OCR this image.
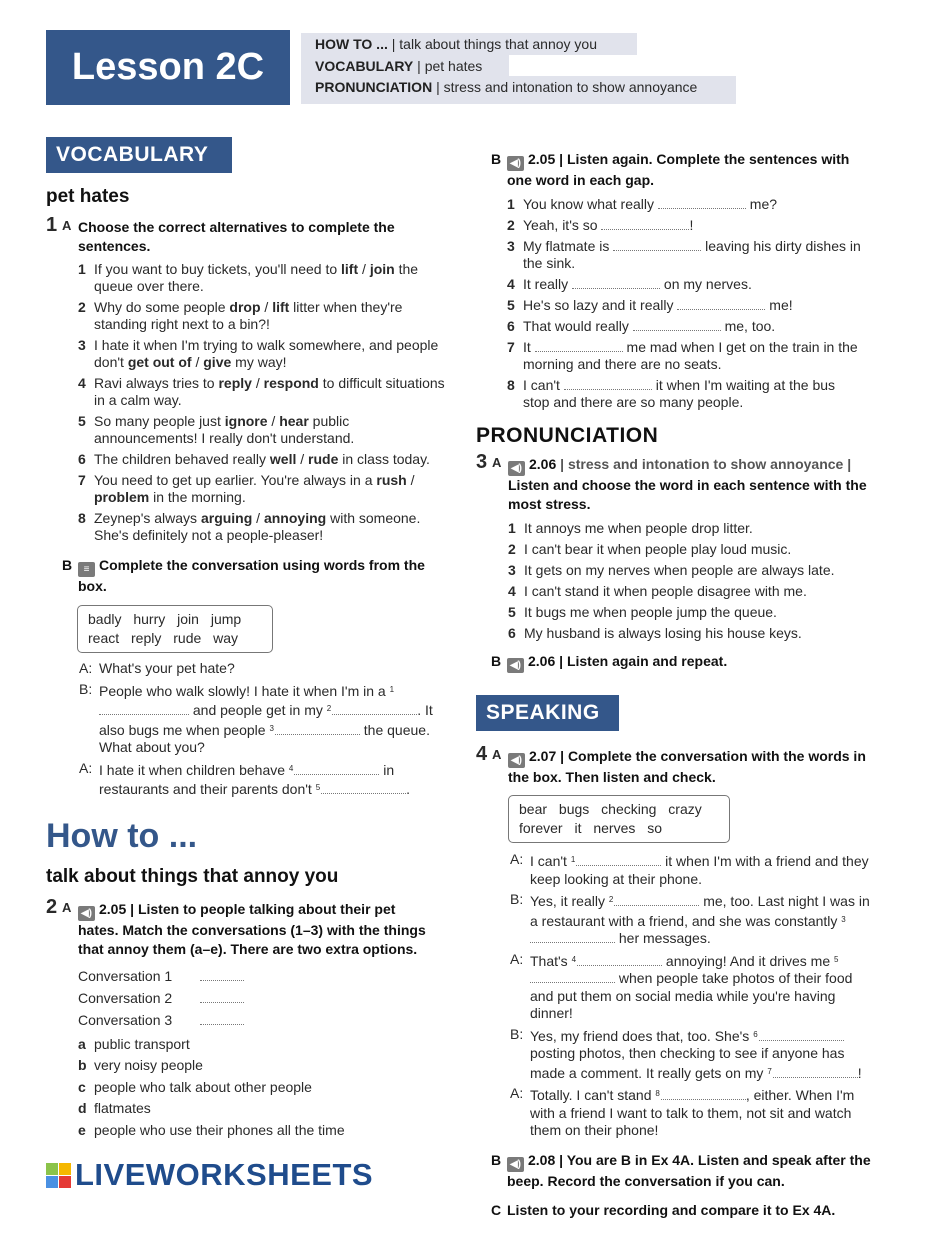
Lesson 2C
HOW TO ... | talk about things that annoy you
VOCABULARY | pet hates
PRONUNCIATION | stress and intonation to show annoyance
VOCABULARY
pet hates
1 A Choose the correct alternatives to complete the sentences.
1 If you want to buy tickets, you'll need to lift / join the queue over there.
2 Why do some people drop / lift litter when they're standing right next to a bin?!
3 I hate it when I'm trying to walk somewhere, and people don't get out of / give my way!
4 Ravi always tries to reply / respond to difficult situations in a calm way.
5 So many people just ignore / hear public announcements! I really don't understand.
6 The children behaved really well / rude in class today.
7 You need to get up earlier. You're always in a rush / problem in the morning.
8 Zeynep's always arguing / annoying with someone. She's definitely not a people-pleaser!
B ≡ Complete the conversation using words from the box.
badly hurry join jump
react reply rude way
A: What's your pet hate?
B: People who walk slowly! I hate it when I'm in a $^1$ and people get in my $^2$	. It also bugs me when people $^3$	the queue. What about you?
A: I hate it when children behave $^4$	in restaurants and their parents don't $^5$	.
How to ...
talk about things that annoy you
2 A ◀) 2.05 | Listen to people talking about their pet hates. Match the conversations (1–3) with the things that annoy them (a–e). There are two extra options.
Conversation 1
Conversation 2
Conversation 3
a public transport
b very noisy people
c people who talk about other people
d flatmates
e people who use their phones all the time
LIVEWORKSHEETS
B ◀) 2.05 | Listen again. Complete the sentences with one word in each gap.
1 You know what really	me?
2 Yeah, it's so	!
3 My flatmate is	leaving his dirty dishes in the sink.
4 It really	on my nerves.
5 He's so lazy and it really	me!
6 That would really	me, too.
7 It	me mad when I get on the train in the morning and there are no seats.
8 I can't	it when I'm waiting at the bus stop and there are so many people.
PRONUNCIATION
3 A ◀) 2.06 | stress and intonation to show annoyance | Listen and choose the word in each sentence with the most stress.
1 It annoys me when people drop litter.
2 I can't bear it when people play loud music.
3 It gets on my nerves when people are always late.
4 I can't stand it when people disagree with me.
5 It bugs me when people jump the queue.
6 My husband is always losing his house keys.
B ◀) 2.06 | Listen again and repeat.
SPEAKING
4 A ◀) 2.07 | Complete the conversation with the words in the box. Then listen and check.
bear bugs checking crazy
forever it nerves so
A: I can't $^1$	it when I'm with a friend and they keep looking at their phone.
B: Yes, it really $^2$	me, too. Last night I was in a restaurant with a friend, and she was constantly $^3$ her messages.
A: That's $^4$	annoying! And it drives me $^5$ when people take photos of their food and put them on social media while you're having dinner!
B: Yes, my friend does that, too. She's $^6$ posting photos, then checking to see if anyone has made a comment. It really gets on my $^7$	!
A: Totally. I can't stand $^8$	, either. When I'm with a friend I want to talk to them, not sit and watch them on their phone!
B ◀) 2.08 | You are B in Ex 4A. Listen and speak after the beep. Record the conversation if you can.
C Listen to your recording and compare it to Ex 4A.
